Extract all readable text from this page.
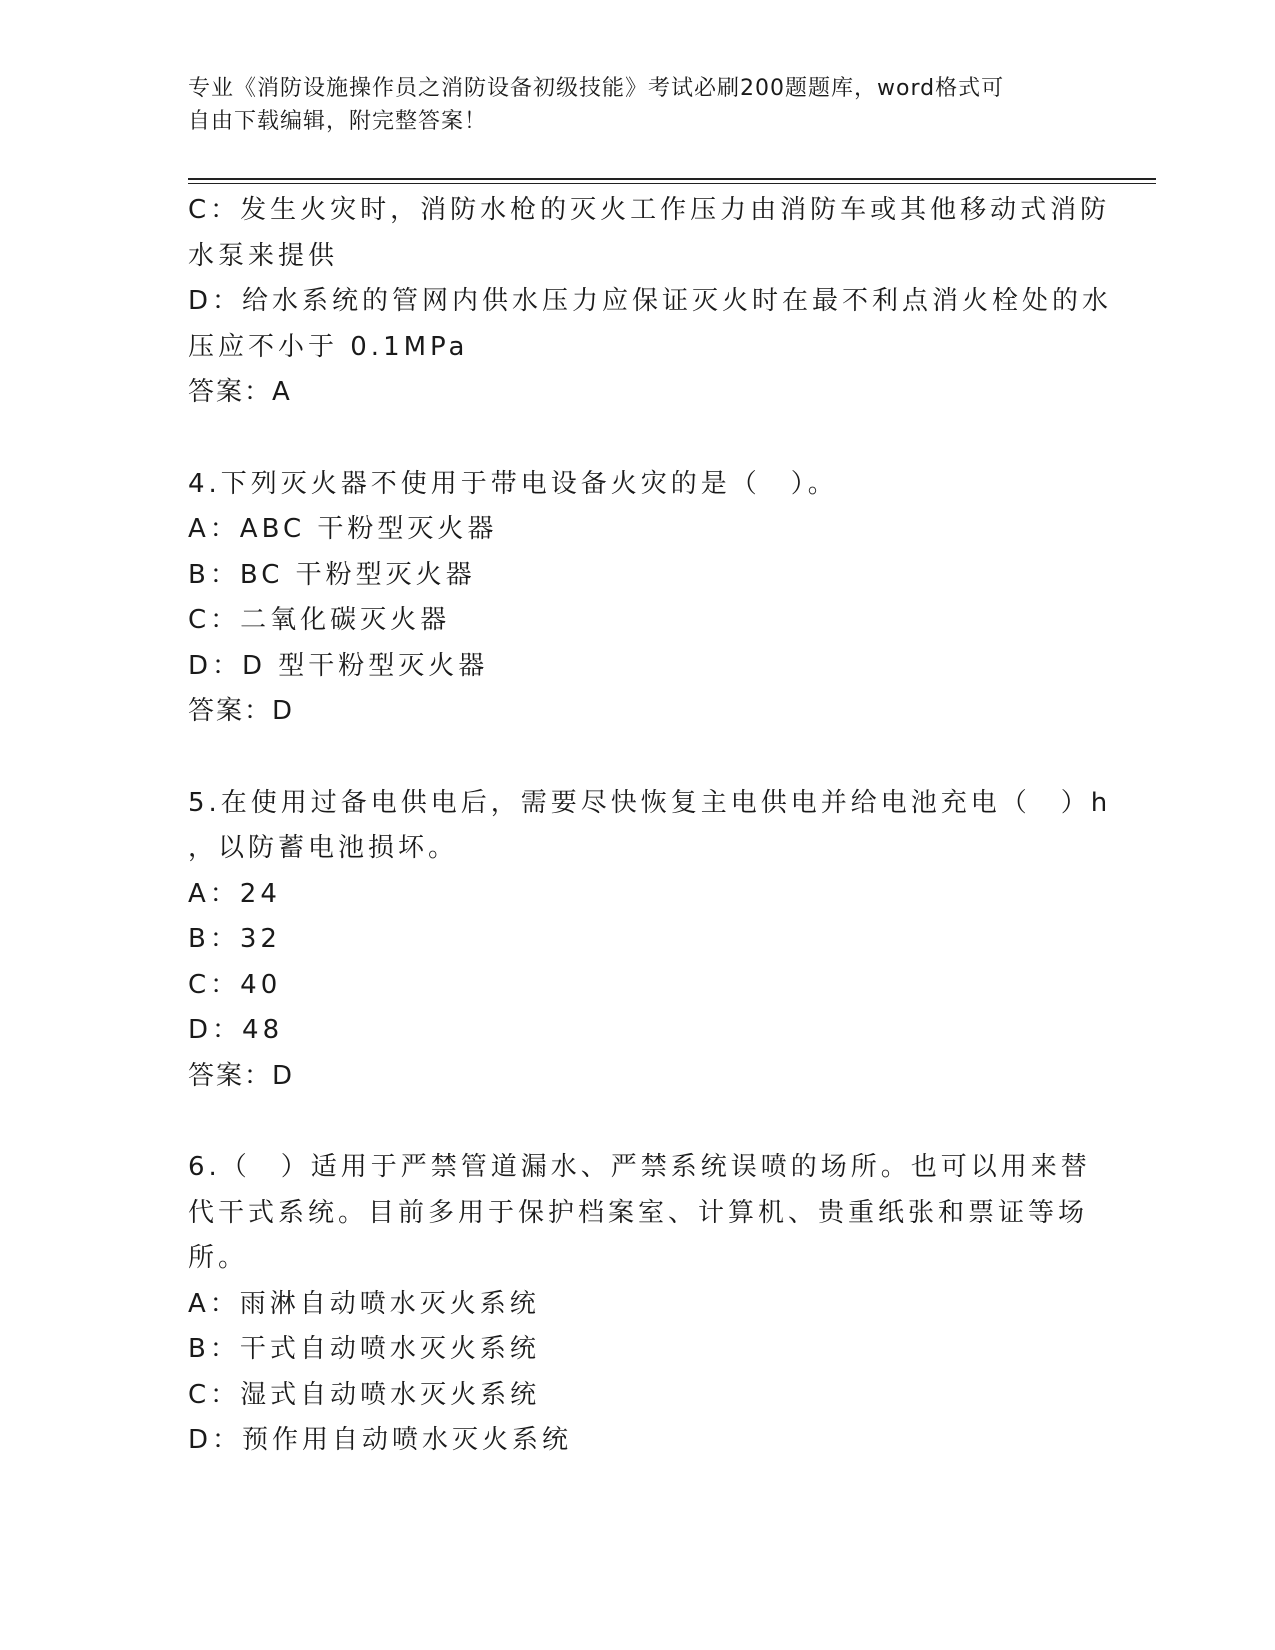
专业《消防设施操作员之消防设备初级技能》考试必刷200题题库，word格式可
自由下载编辑，附完整答案！
C：发生火灾时，消防水枪的灭火工作压力由消防车或其他移动式消防
水泵来提供
D：给水系统的管网内供水压力应保证灭火时在最不利点消火栓处的水
压应不小于 0.1MPa
答案：A
4.下列灭火器不使用于带电设备火灾的是（　）。
A：ABC 干粉型灭火器
B：BC 干粉型灭火器
C：二氧化碳灭火器
D：D 型干粉型灭火器
答案：D
5.在使用过备电供电后，需要尽快恢复主电供电并给电池充电（　）h
，以防蓄电池损坏。
A：24
B：32
C：40
D：48
答案：D
6.（　）适用于严禁管道漏水、严禁系统误喷的场所。也可以用来替
代干式系统。目前多用于保护档案室、计算机、贵重纸张和票证等场
所。
A：雨淋自动喷水灭火系统
B：干式自动喷水灭火系统
C：湿式自动喷水灭火系统
D：预作用自动喷水灭火系统
